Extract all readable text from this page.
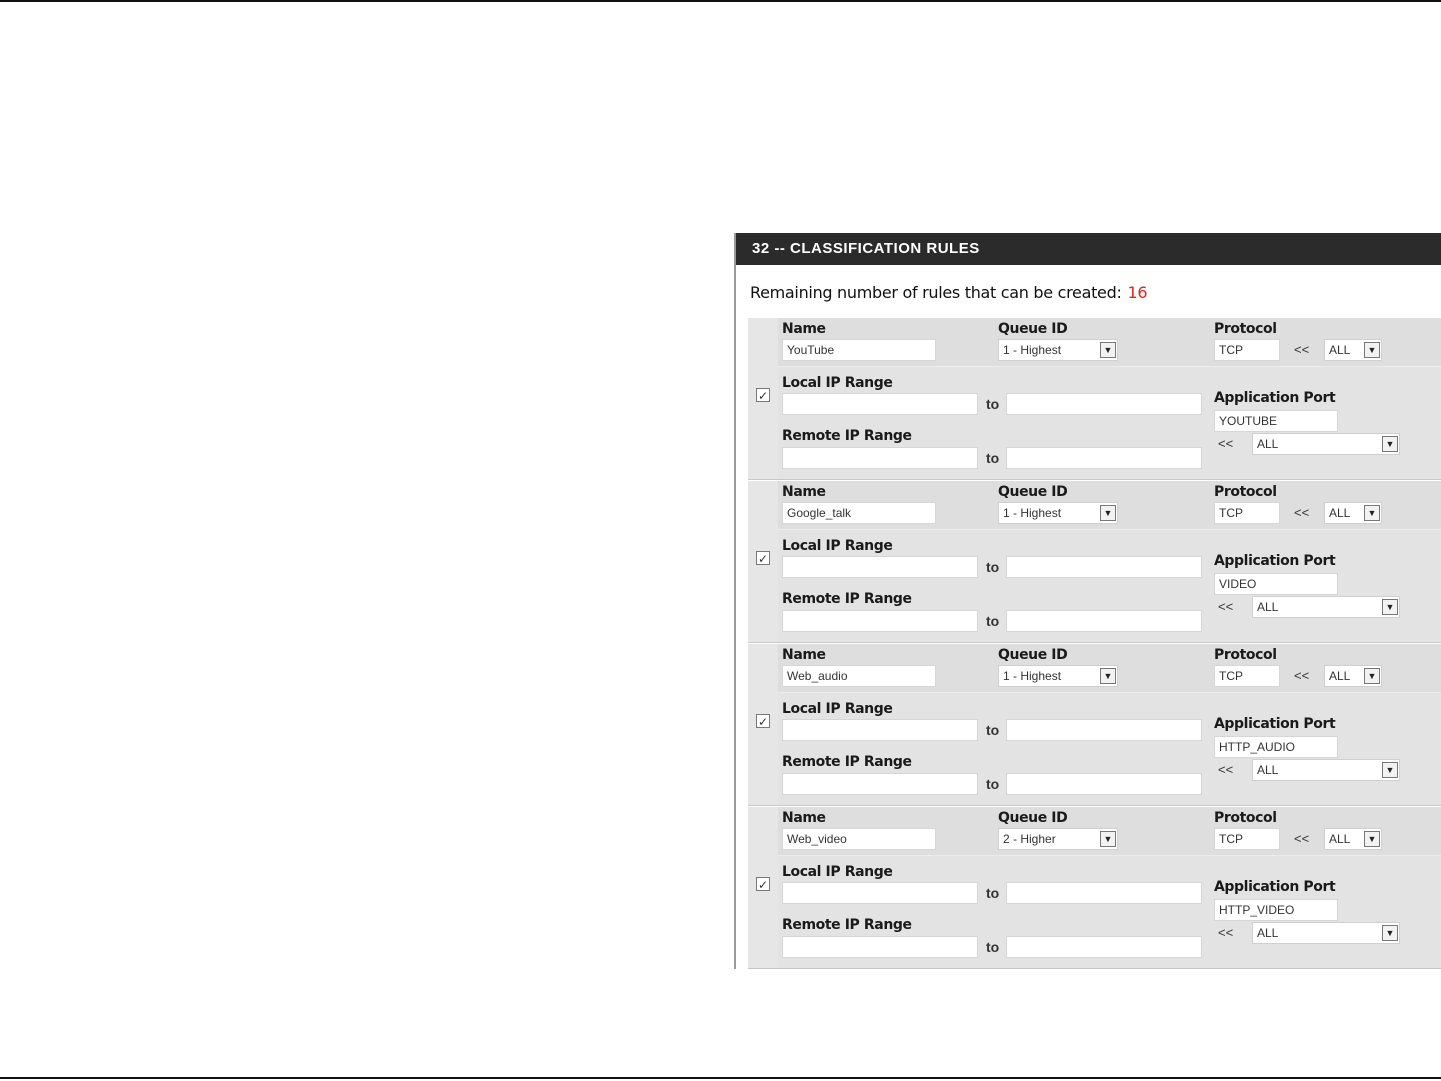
32 -- CLASSIFICATION RULES
Remaining number of rules that can be created: 16
✓
Name
YouTube
Queue ID
1 - Highest	▼
Protocol
TCP	<<	ALL	▼
Local IP Range
to
Remote IP Range
to
Application Port
YOUTUBE
<<	ALL	▼
✓
Name
Google_talk
Queue ID
1 - Highest	▼
Protocol
TCP	<<	ALL	▼
Local IP Range
to
Remote IP Range
to
Application Port
VIDEO
<<	ALL	▼
✓
Name
Web_audio
Queue ID
1 - Highest	▼
Protocol
TCP	<<	ALL	▼
Local IP Range
to
Remote IP Range
to
Application Port
HTTP_AUDIO
<<	ALL	▼
✓
Name
Web_video
Queue ID
2 - Higher	▼
Protocol
TCP	<<	ALL	▼
Local IP Range
to
Remote IP Range
to
Application Port
HTTP_VIDEO
<<	ALL	▼
